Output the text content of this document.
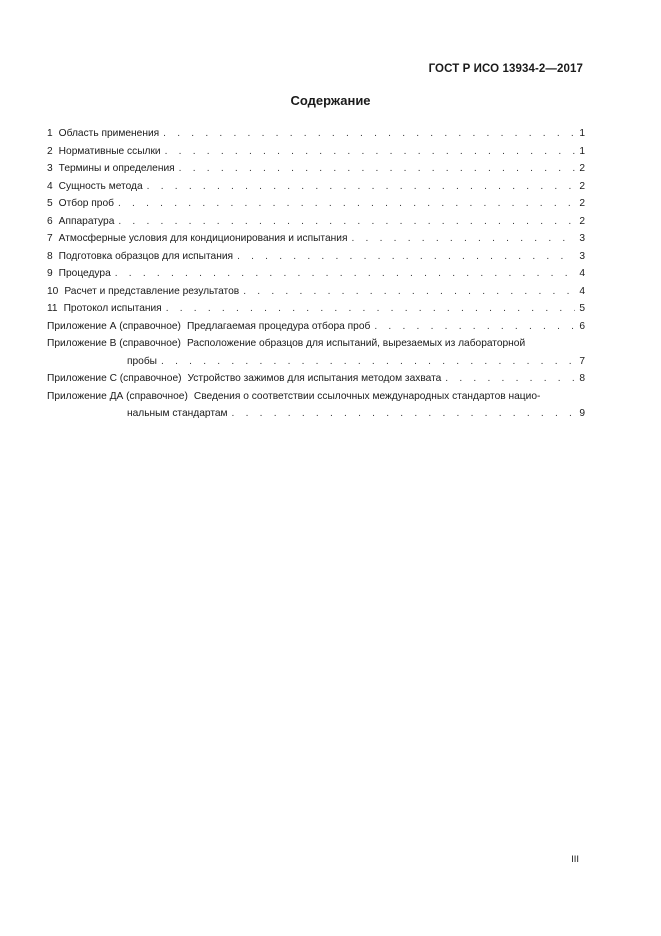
ГОСТ Р ИСО 13934-2—2017
Содержание
1 Область применения . . .	1
2 Нормативные ссылки . . .	1
3 Термины и определения . . .	2
4 Сущность метода . . .	2
5 Отбор проб . . .	2
6 Аппаратура . . .	2
7 Атмосферные условия для кондиционирования и испытания . . .	3
8 Подготовка образцов для испытания . . .	3
9 Процедура . . .	4
10 Расчет и представление результатов . . .	4
11 Протокол испытания . . .	5
Приложение А (справочное) Предлагаемая процедура отбора проб . . .	6
Приложение В (справочное) Расположение образцов для испытаний, вырезаемых из лабораторной
пробы . . .	7
Приложение С (справочное) Устройство зажимов для испытания методом захвата . . .	8
Приложение ДА (справочное) Сведения о соответствии ссылочных международных стандартов нацио-
нальным стандартам . . .	9
III
